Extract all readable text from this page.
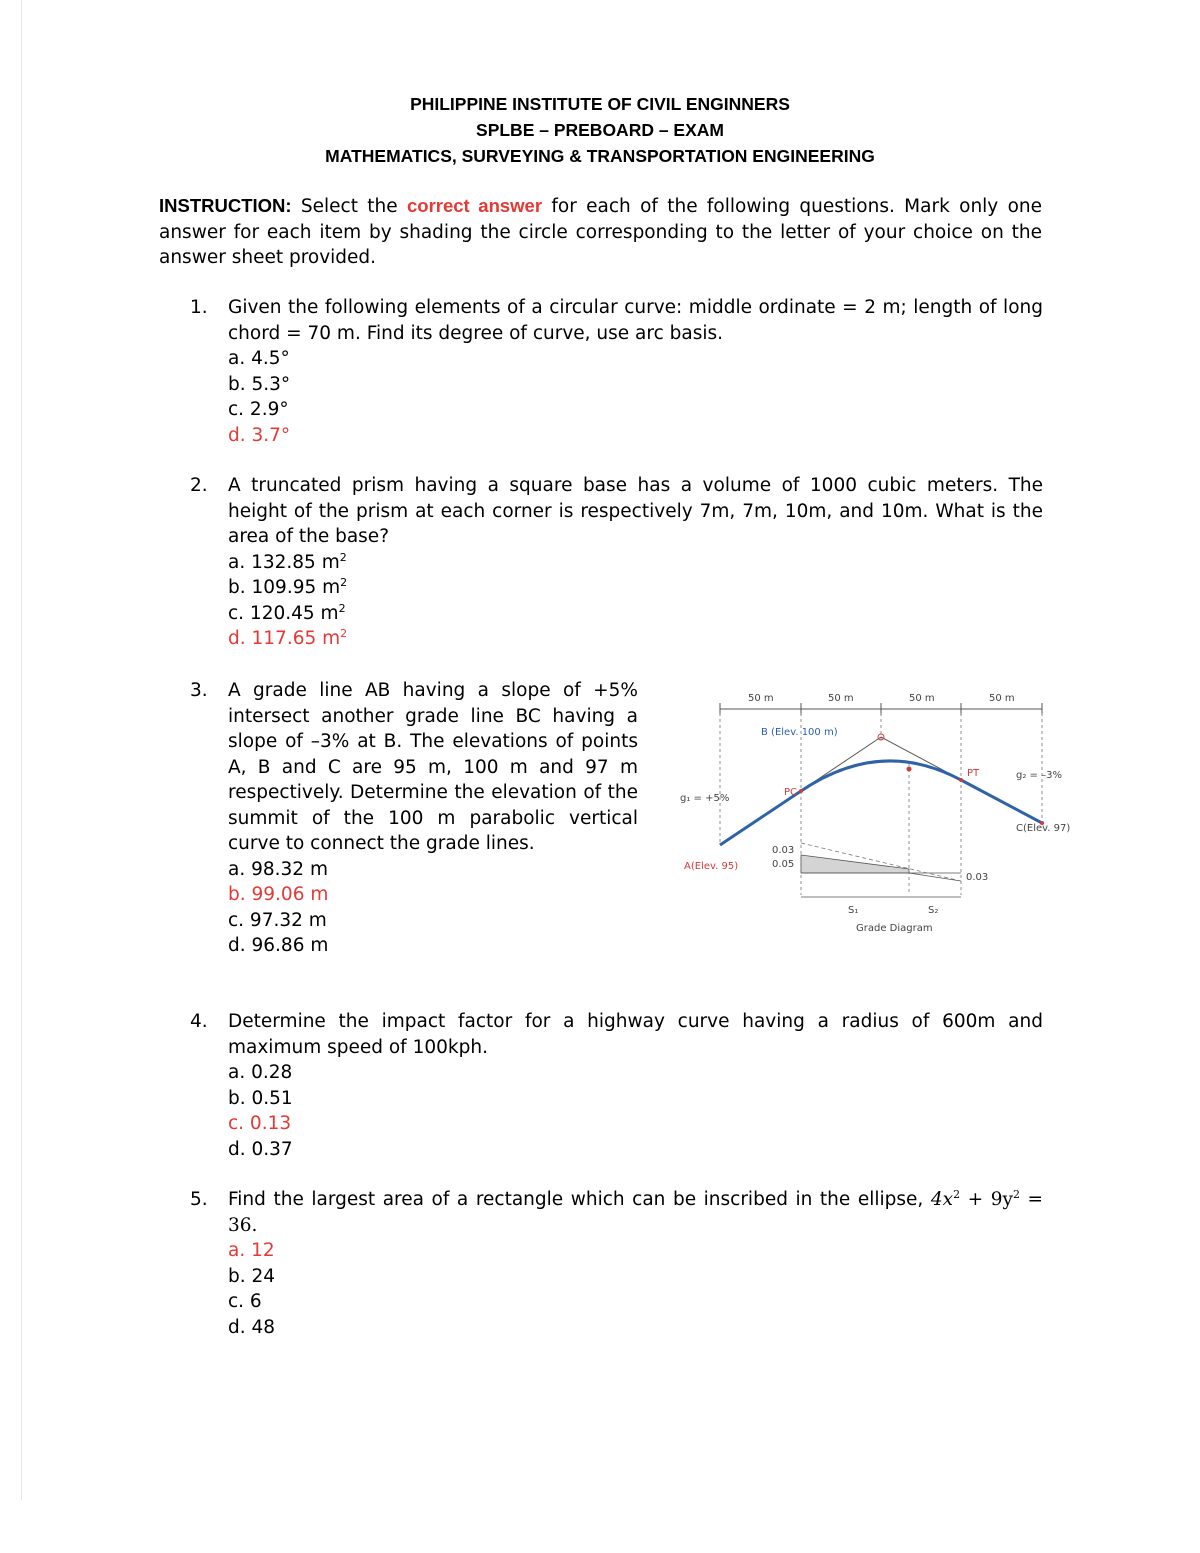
PHILIPPINE INSTITUTE OF CIVIL ENGINNERS
SPLBE – PREBOARD – EXAM
MATHEMATICS, SURVEYING & TRANSPORTATION ENGINEERING
INSTRUCTION: Select the correct answer for each of the following questions. Mark only one answer for each item by shading the circle corresponding to the letter of your choice on the answer sheet provided.
1.	Given the following elements of a circular curve: middle ordinate = 2 m; length of long chord = 70 m. Find its degree of curve, use arc basis.
a. 4.5°
b. 5.3°
c. 2.9°
d. 3.7°
2.	A truncated prism having a square base has a volume of 1000 cubic meters. The height of the prism at each corner is respectively 7m, 7m, 10m, and 10m. What is the area of the base?
a. 132.85 $m^2$
b. 109.95 $m^2$
c. 120.45 $m^2$
d. 117.65 $m^2$
3.	A grade line AB having a slope of +5% intersect another grade line BC having a slope of –3% at B. The elevations of points A, B and C are 95 m, 100 m and 97 m respectively. Determine the elevation of the summit of the 100 m parabolic vertical curve to connect the grade lines.
a. 98.32 m
b. 99.06 m
c. 97.32 m
d. 96.86 m
50 m	50 m	50 m	50 m
B (Elev. 100 m)
PC
PT
g₁ = +5%
g₂ = –3%
A(Elev. 95)
C(Elev. 97)
0.03
0.05
0.03
S₁	S₂
Grade Diagram
4.	Determine the impact factor for a highway curve having a radius of 600m and maximum speed of 100kph.
a. 0.28
b. 0.51
c. 0.13
d. 0.37
5.	Find the largest area of a rectangle which can be inscribed in the ellipse, $4x^2 + 9y^2 = 36$.
a. 12
b. 24
c. 6
d. 48
